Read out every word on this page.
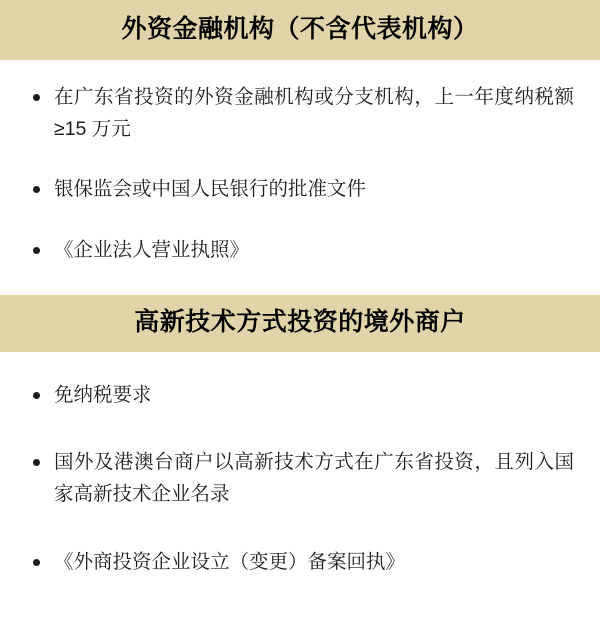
外资金融机构（不含代表机构）
在广东省投资的外资金融机构或分支机构，上一年度纳税额≥15 万元
银保监会或中国人民银行的批准文件
《企业法人营业执照》
高新技术方式投资的境外商户
免纳税要求
国外及港澳台商户以高新技术方式在广东省投资，且列入国家高新技术企业名录
《外商投资企业设立（变更）备案回执》
